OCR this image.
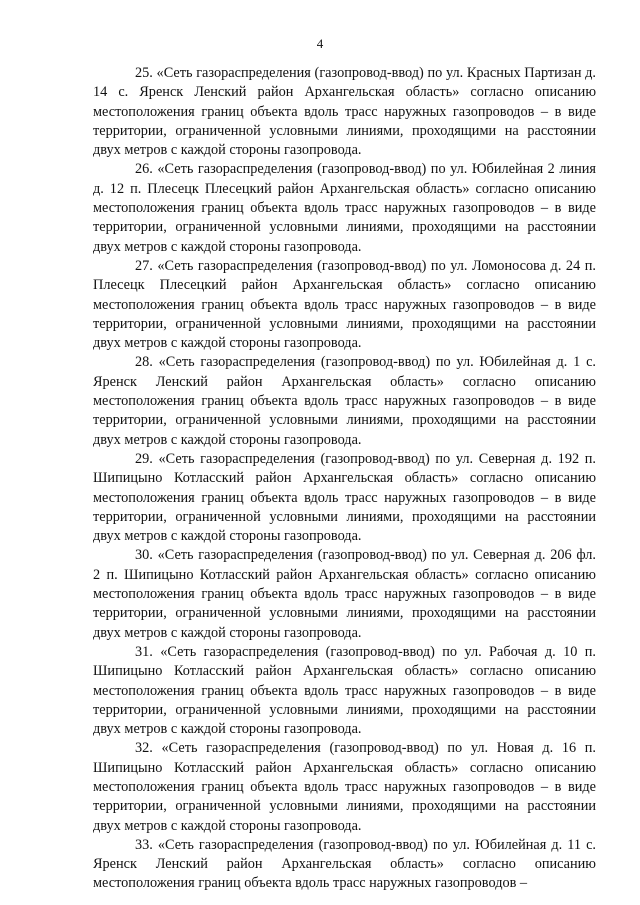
4

25. «Сеть газораспределения (газопровод-ввод) по ул. Красных Партизан д. 14 с. Яренск Ленский район Архангельская область» согласно описанию местоположения границ объекта вдоль трасс наружных газопроводов – в виде территории, ограниченной условными линиями, проходящими на расстоянии двух метров с каждой стороны газопровода.

26. «Сеть газораспределения (газопровод-ввод) по ул. Юбилейная 2 линия д. 12 п. Плесецк Плесецкий район Архангельская область» согласно описанию местоположения границ объекта вдоль трасс наружных газопроводов – в виде территории, ограниченной условными линиями, проходящими на расстоянии двух метров с каждой стороны газопровода.

27. «Сеть газораспределения (газопровод-ввод) по ул. Ломоносова д. 24 п. Плесецк Плесецкий район Архангельская область» согласно описанию местоположения границ объекта вдоль трасс наружных газопроводов – в виде территории, ограниченной условными линиями, проходящими на расстоянии двух метров с каждой стороны газопровода.

28. «Сеть газораспределения (газопровод-ввод) по ул. Юбилейная д. 1 с. Яренск Ленский район Архангельская область» согласно описанию местоположения границ объекта вдоль трасс наружных газопроводов – в виде территории, ограниченной условными линиями, проходящими на расстоянии двух метров с каждой стороны газопровода.

29. «Сеть газораспределения (газопровод-ввод) по ул. Северная д. 192 п. Шипицыно Котласский район Архангельская область» согласно описанию местоположения границ объекта вдоль трасс наружных газопроводов – в виде территории, ограниченной условными линиями, проходящими на расстоянии двух метров с каждой стороны газопровода.

30. «Сеть газораспределения (газопровод-ввод) по ул. Северная д. 206 фл. 2 п. Шипицыно Котласский район Архангельская область» согласно описанию местоположения границ объекта вдоль трасс наружных газопроводов – в виде территории, ограниченной условными линиями, проходящими на расстоянии двух метров с каждой стороны газопровода.

31. «Сеть газораспределения (газопровод-ввод) по ул. Рабочая д. 10 п. Шипицыно Котласский район Архангельская область» согласно описанию местоположения границ объекта вдоль трасс наружных газопроводов – в виде территории, ограниченной условными линиями, проходящими на расстоянии двух метров с каждой стороны газопровода.

32. «Сеть газораспределения (газопровод-ввод) по ул. Новая д. 16 п. Шипицыно Котласский район Архангельская область» согласно описанию местоположения границ объекта вдоль трасс наружных газопроводов – в виде территории, ограниченной условными линиями, проходящими на расстоянии двух метров с каждой стороны газопровода.

33. «Сеть газораспределения (газопровод-ввод) по ул. Юбилейная д. 11 с. Яренск Ленский район Архангельская область» согласно описанию местоположения границ объекта вдоль трасс наружных газопроводов –
